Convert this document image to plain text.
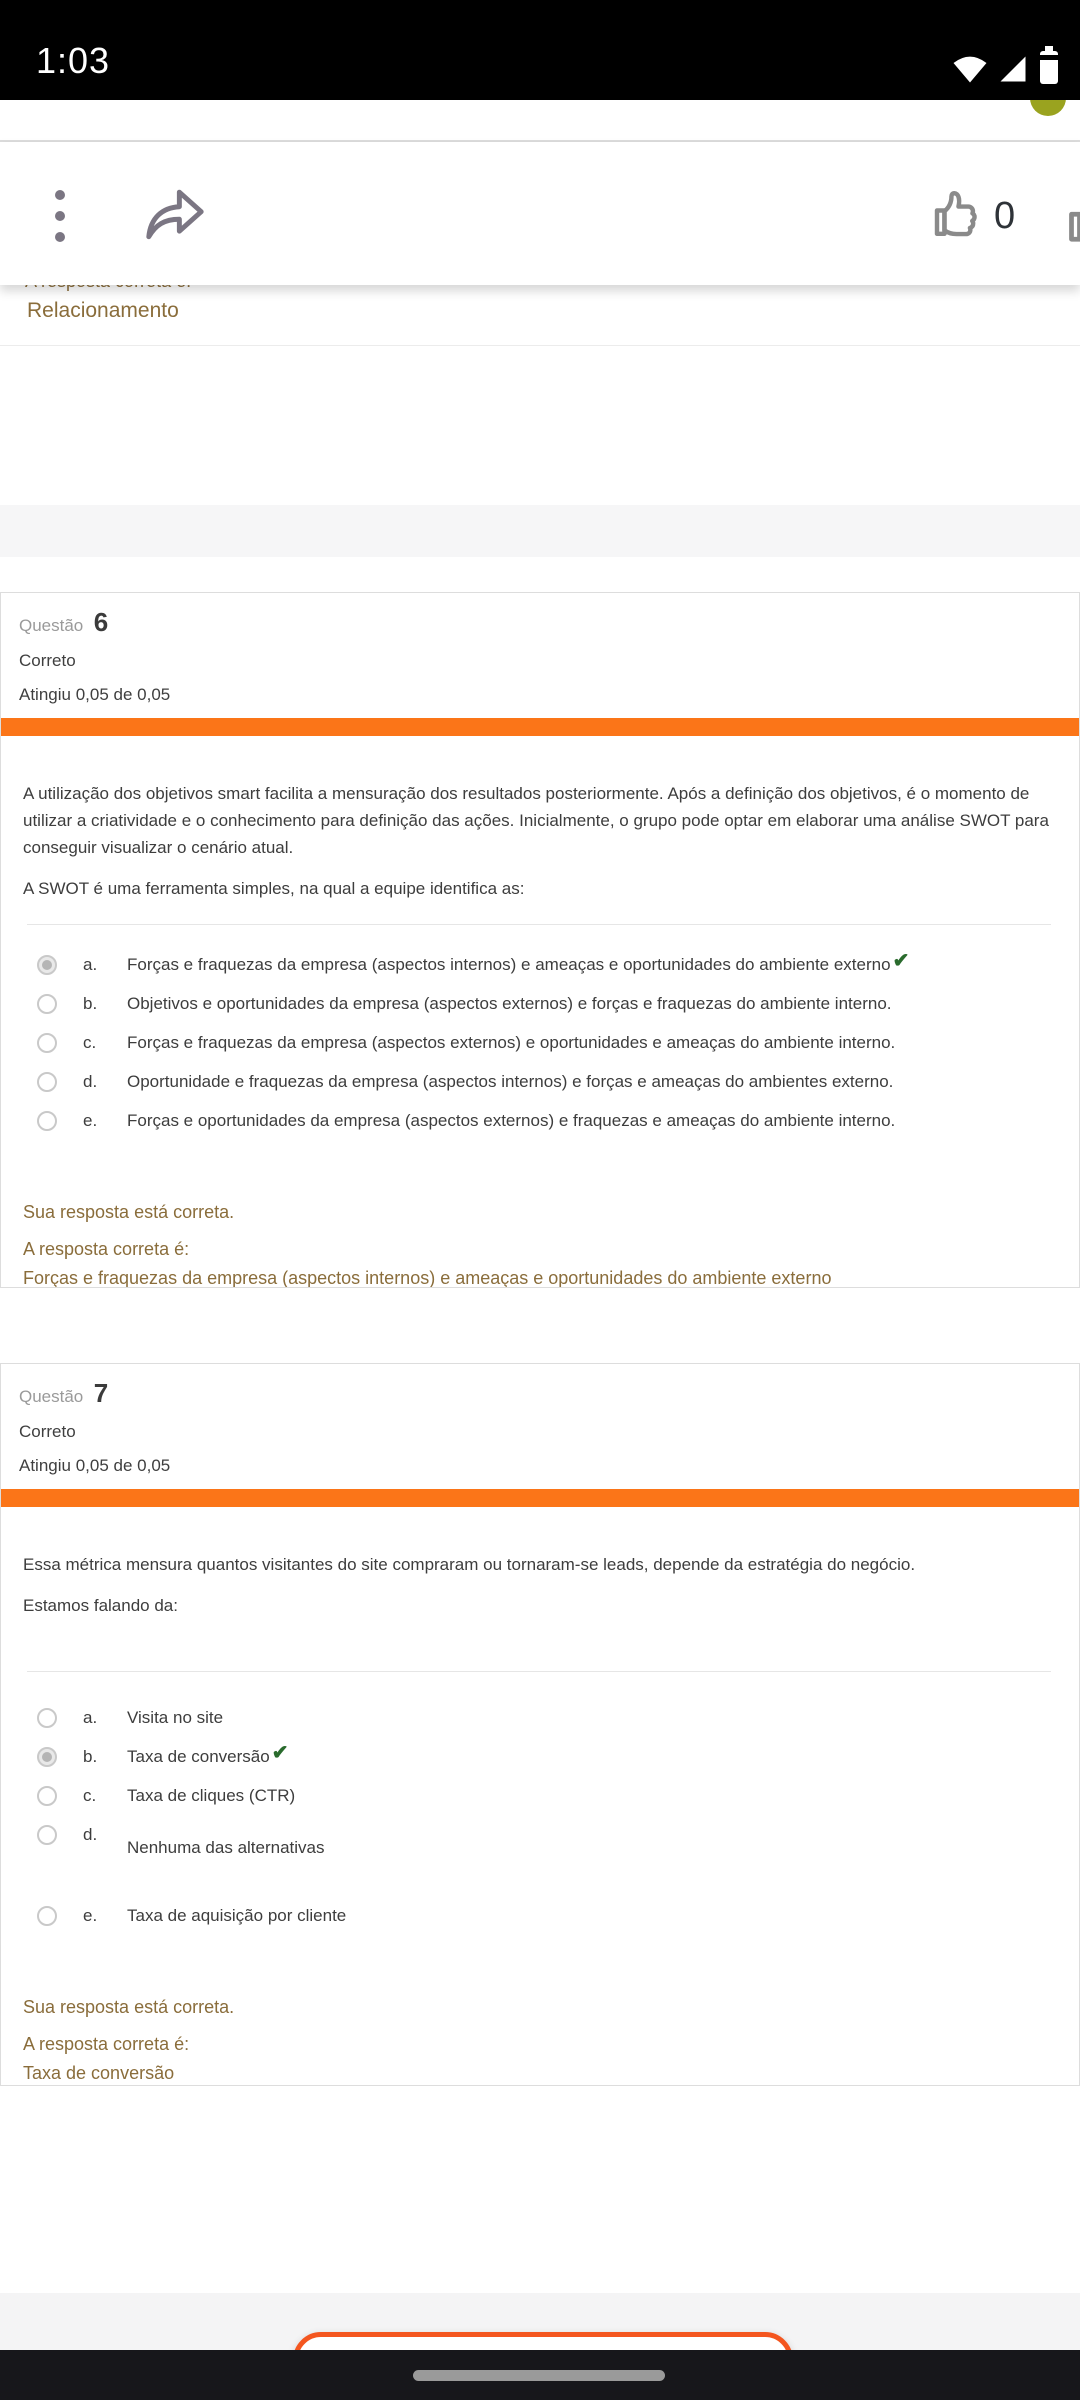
1:03
0
Relacionamento
Questão 6
Correto
Atingiu 0,05 de 0,05

A utilização dos objetivos smart facilita a mensuração dos resultados posteriormente. Após a definição dos objetivos, é o momento de utilizar a criatividade e o conhecimento para definição das ações. Inicialmente, o grupo pode optar em elaborar uma análise SWOT para conseguir visualizar o cenário atual.

A SWOT é uma ferramenta simples, na qual a equipe identifica as:

a.	Forças e fraquezas da empresa (aspectos internos) e ameaças e oportunidades do ambiente externo ✔
b.	Objetivos e oportunidades da empresa (aspectos externos) e forças e fraquezas do ambiente interno.
c.	Forças e fraquezas da empresa (aspectos externos) e oportunidades e ameaças do ambiente interno.
d.	Oportunidade e fraquezas da empresa (aspectos internos) e forças e ameaças do ambientes externo.
e.	Forças e oportunidades da empresa (aspectos externos) e fraquezas e ameaças do ambiente interno.
Sua resposta está correta.
A resposta correta é:
Forças e fraquezas da empresa (aspectos internos) e ameaças e oportunidades do ambiente externo
Questão 7
Correto
Atingiu 0,05 de 0,05

Essa métrica mensura quantos visitantes do site compraram ou tornaram-se leads, depende da estratégia do negócio.

Estamos falando da:

a.	Visita no site
b.	Taxa de conversão ✔
c.	Taxa de cliques (CTR)
d.
Nenhuma das alternativas
e.	Taxa de aquisição por cliente
Sua resposta está correta.
A resposta correta é:
Taxa de conversão
